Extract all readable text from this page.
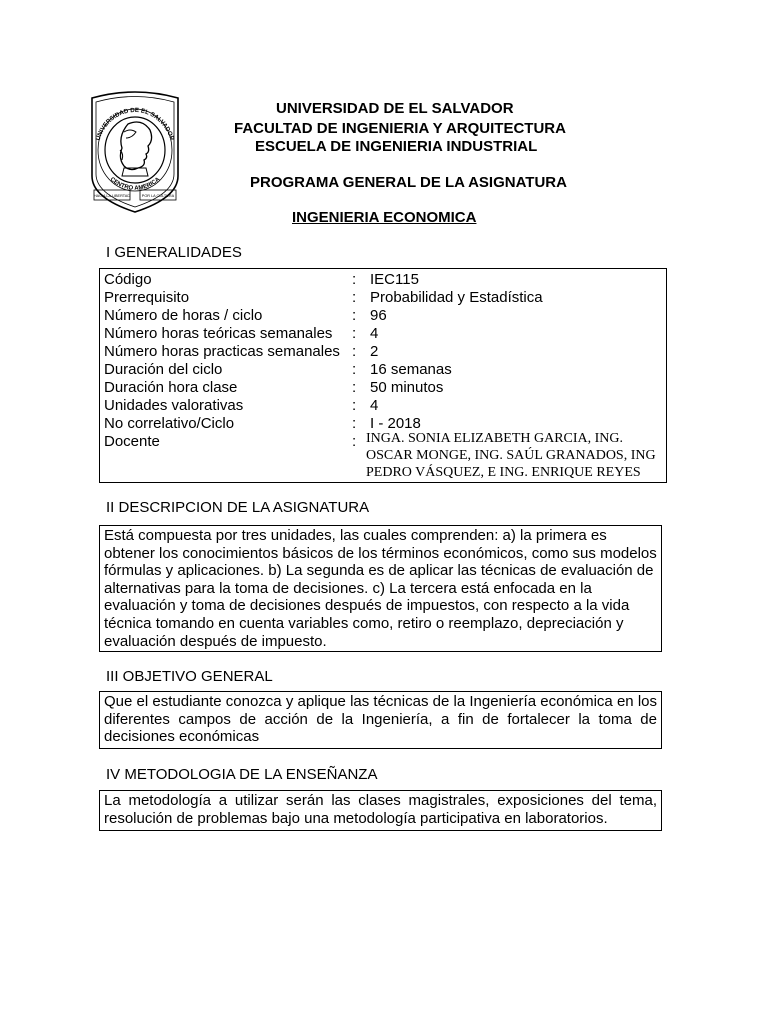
UNIVERSIDAD DE EL SALVADOR
CENTRO AMERICA
HACIA LA LIBERTAD	POR LA CULTURA
UNIVERSIDAD DE EL SALVADOR
FACULTAD DE INGENIERIA Y ARQUITECTURA
ESCUELA DE INGENIERIA INDUSTRIAL
PROGRAMA GENERAL DE LA ASIGNATURA
INGENIERIA ECONOMICA
I GENERALIDADES
Código	: IEC115
Prerrequisito	: Probabilidad y Estadística
Número de horas / ciclo	: 96
Número horas teóricas semanales : 4
Número horas practicas semanales : 2
Duración del ciclo	: 16 semanas
Duración hora clase	: 50 minutos
Unidades valorativas	: 4
No correlativo/Ciclo	: I - 2018
Docente	: INGA. SONIA ELIZABETH GARCIA, ING. OSCAR MONGE, ING. SAÚL GRANADOS, ING PEDRO VÁSQUEZ, E ING. ENRIQUE REYES
II DESCRIPCION DE LA ASIGNATURA
Está compuesta por tres unidades, las cuales comprenden: a) la primera es obtener los conocimientos básicos de los términos económicos, como sus modelos fórmulas y aplicaciones. b) La segunda es de aplicar las técnicas de evaluación de alternativas para la toma de decisiones. c) La tercera está enfocada en la evaluación y toma de decisiones después de impuestos, con respecto a la vida técnica tomando en cuenta variables como, retiro o reemplazo, depreciación y evaluación después de impuesto.
III OBJETIVO GENERAL
Que el estudiante conozca y aplique las técnicas de la Ingeniería económica en los diferentes campos de acción de la Ingeniería, a fin de fortalecer la toma de decisiones económicas
IV METODOLOGIA DE LA ENSEÑANZA
La metodología a utilizar serán las clases magistrales, exposiciones del tema, resolución de problemas bajo una metodología participativa en laboratorios.
